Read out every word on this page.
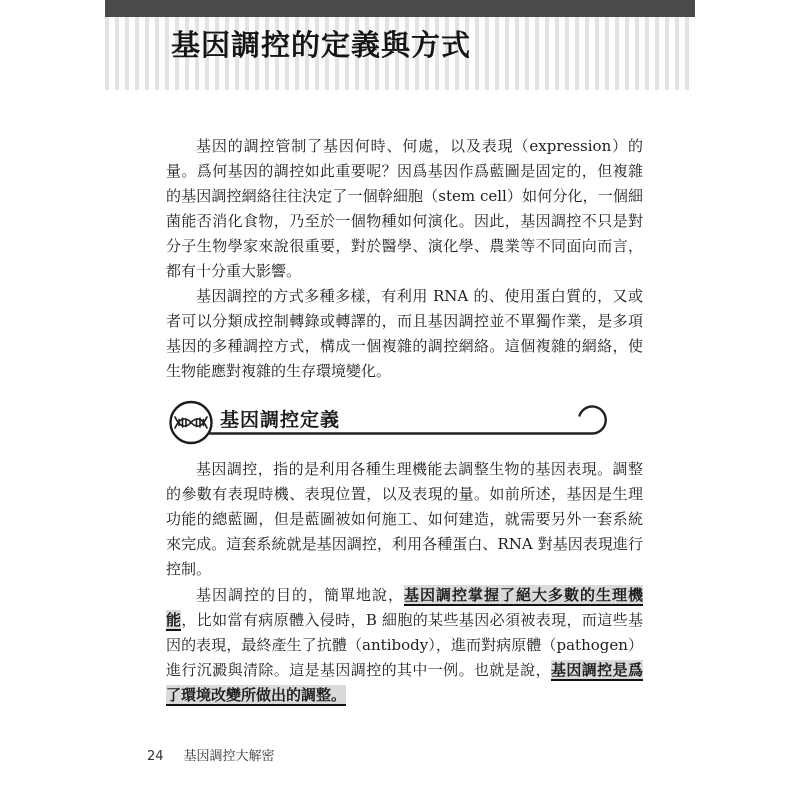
基因調控的定義與方式

基因的調控管制了基因何時、何處，以及表現（expression）的量。爲何基因的調控如此重要呢？因爲基因作爲藍圖是固定的，但複雜的基因調控網絡往往決定了一個幹細胞（stem cell）如何分化，一個細菌能否消化食物，乃至於一個物種如何演化。因此，基因調控不只是對分子生物學家來說很重要，對於醫學、演化學、農業等不同面向而言，都有十分重大影響。

基因調控的方式多種多樣，有利用 RNA 的、使用蛋白質的，又或者可以分類成控制轉錄或轉譯的，而且基因調控並不單獨作業，是多項基因的多種調控方式，構成一個複雜的調控網絡。這個複雜的網絡，使生物能應對複雜的生存環境變化。

基因調控定義

基因調控，指的是利用各種生理機能去調整生物的基因表現。調整的參數有表現時機、表現位置，以及表現的量。如前所述，基因是生理功能的總藍圖，但是藍圖被如何施工、如何建造，就需要另外一套系統來完成。這套系統就是基因調控，利用各種蛋白、RNA 對基因表現進行控制。

基因調控的目的，簡單地說，基因調控掌握了絕大多數的生理機能，比如當有病原體入侵時，B 細胞的某些基因必須被表現，而這些基因的表現，最終產生了抗體（antibody），進而對病原體（pathogen）進行沉澱與清除。這是基因調控的其中一例。也就是說，基因調控是爲了環境改變所做出的調整。

24 基因調控大解密
